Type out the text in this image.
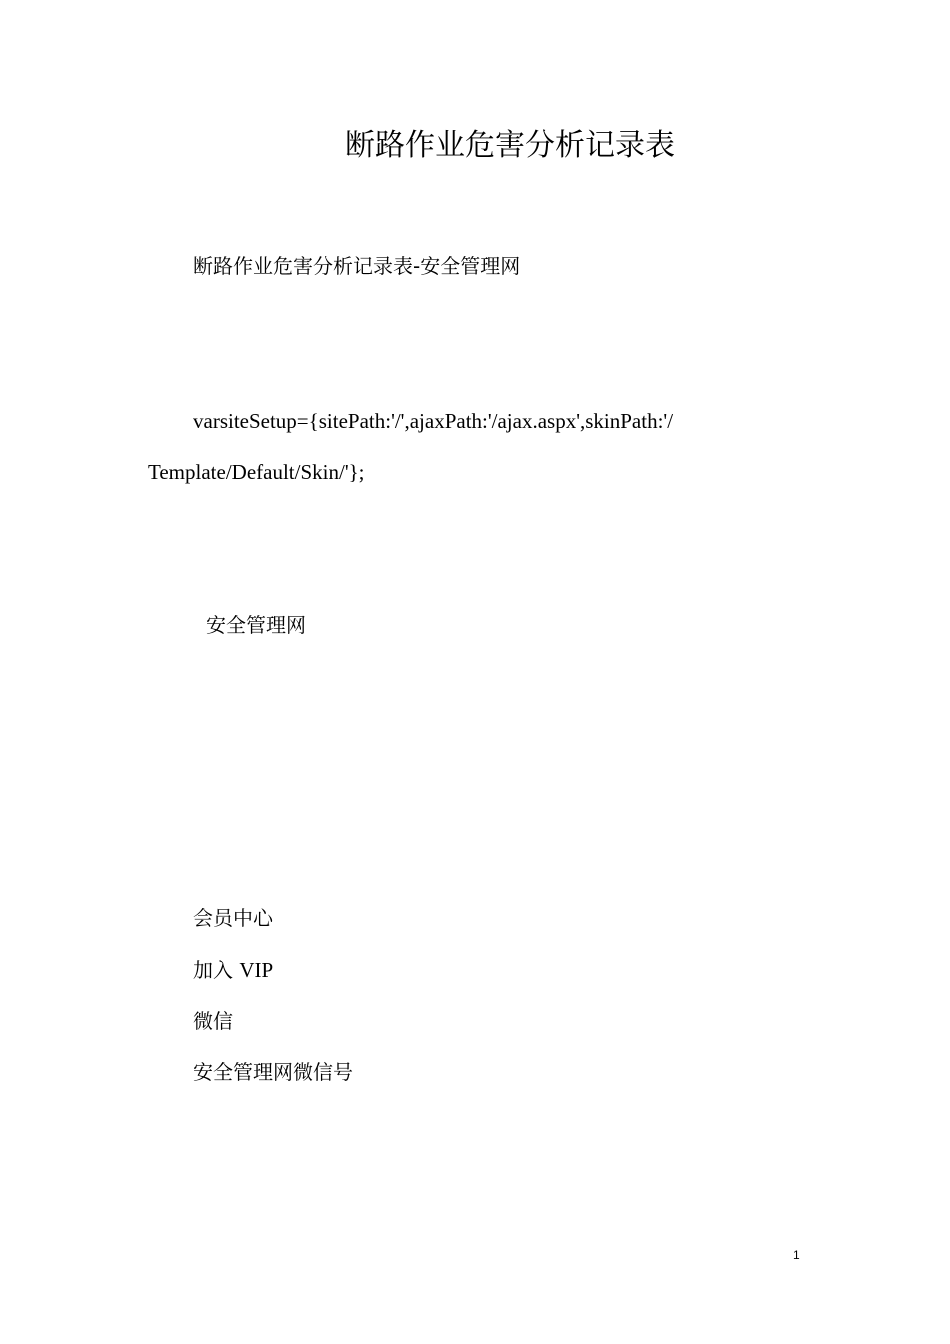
断路作业危害分析记录表
断路作业危害分析记录表-安全管理网
varsiteSetup={sitePath:'/',ajaxPath:'/ajax.aspx',skinPath:'/
Template/Default/Skin/'};
安全管理网
会员中心
加入 VIP
微信
安全管理网微信号
1
